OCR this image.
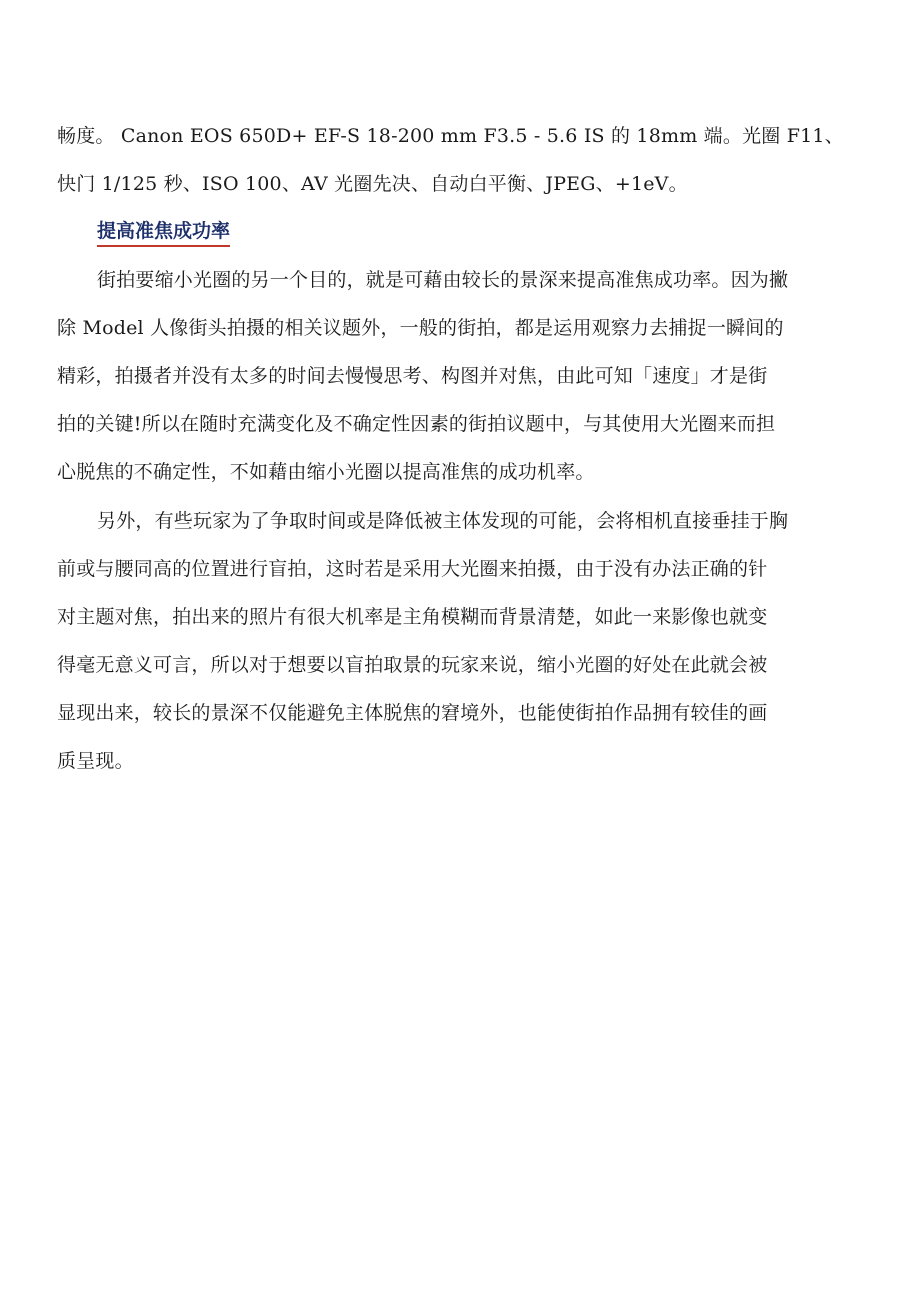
畅度。 Canon EOS 650D+ EF-S 18-200 mm F3.5 - 5.6 IS 的 18mm 端。光圈 F11、
快门 1/125 秒、ISO 100、AV 光圈先决、自动白平衡、JPEG、+1eV。
提高准焦成功率
街拍要缩小光圈的另一个目的，就是可藉由较长的景深来提高准焦成功率。因为撇
除 Model 人像街头拍摄的相关议题外，一般的街拍，都是运用观察力去捕捉一瞬间的
精彩，拍摄者并没有太多的时间去慢慢思考、构图并对焦，由此可知「速度」才是街
拍的关键!所以在随时充满变化及不确定性因素的街拍议题中，与其使用大光圈来而担
心脱焦的不确定性，不如藉由缩小光圈以提高准焦的成功机率。
另外，有些玩家为了争取时间或是降低被主体发现的可能，会将相机直接垂挂于胸
前或与腰同高的位置进行盲拍，这时若是采用大光圈来拍摄，由于没有办法正确的针
对主题对焦，拍出来的照片有很大机率是主角模糊而背景清楚，如此一来影像也就变
得毫无意义可言，所以对于想要以盲拍取景的玩家来说，缩小光圈的好处在此就会被
显现出来，较长的景深不仅能避免主体脱焦的窘境外，也能使街拍作品拥有较佳的画
质呈现。
